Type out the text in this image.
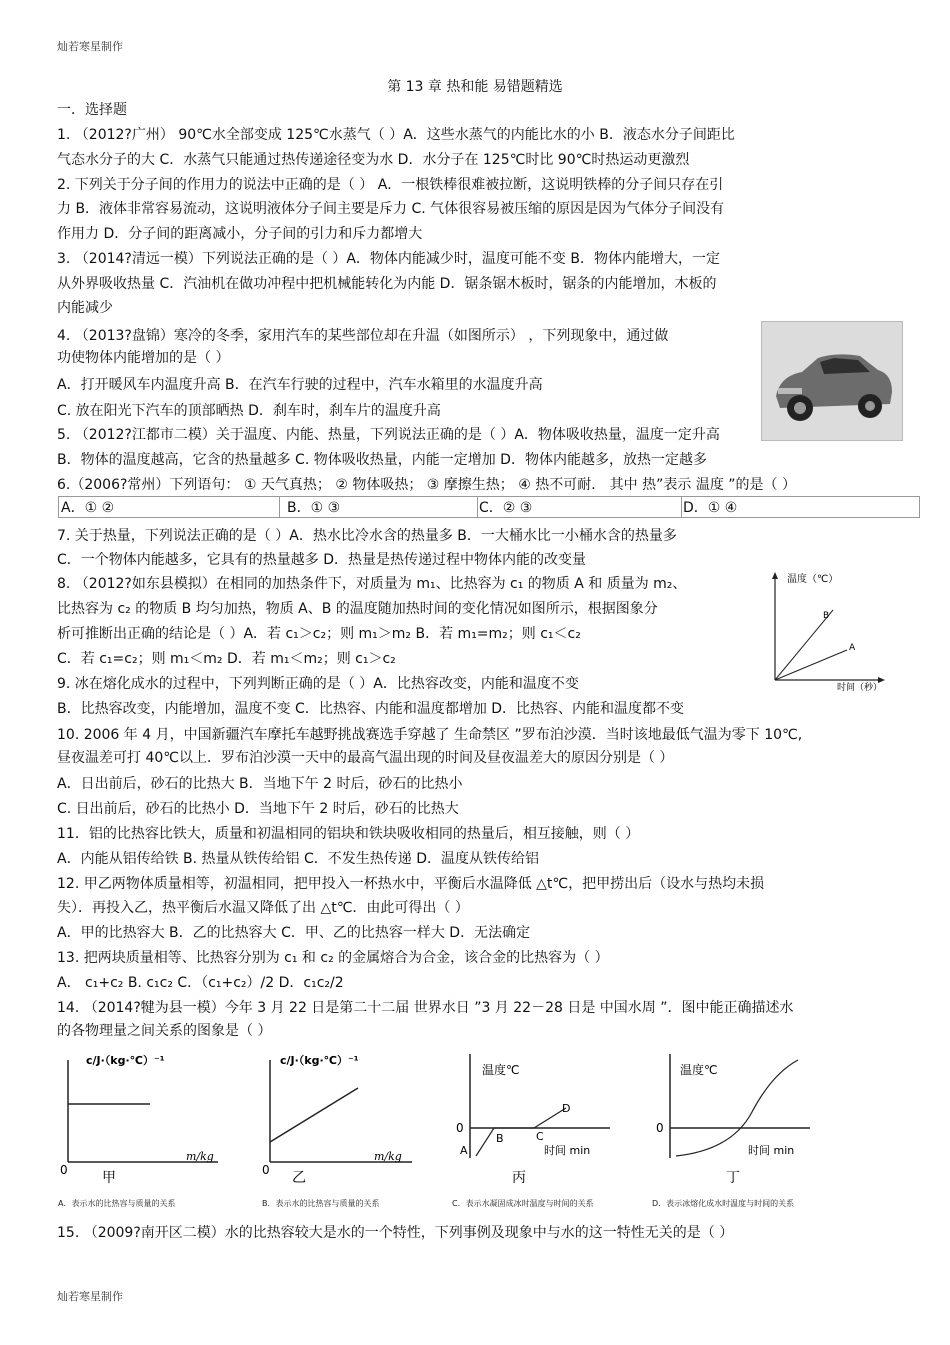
灿若寒星制作
第 13 章 热和能 易错题精选
一．选择题
1. （2012?广州） 90℃水全部变成 125℃水蒸气（ ）A．这些水蒸气的内能比水的小 B．液态水分子间距比
气态水分子的大 C．水蒸气只能通过热传递途径变为水 D．水分子在 125℃时比 90℃时热运动更激烈
2. 下列关于分子间的作用力的说法中正确的是（ ） A．一根铁棒很难被拉断，这说明铁棒的分子间只存在引
力 B．液体非常容易流动，这说明液体分子间主要是斥力 C. 气体很容易被压缩的原因是因为气体分子间没有
作用力 D．分子间的距离减小，分子间的引力和斥力都增大
3. （2014?清远一模）下列说法正确的是（ ）A．物体内能减少时，温度可能不变 B．物体内能增大，一定
从外界吸收热量 C．汽油机在做功冲程中把机械能转化为内能 D．锯条锯木板时，锯条的内能增加，木板的
内能减少
4. （2013?盘锦）寒冷的冬季，家用汽车的某些部位却在升温（如图所示） ，下列现象中，通过做
功使物体内能增加的是（ ）
A．打开暖风车内温度升高 B．在汽车行驶的过程中，汽车水箱里的水温度升高
C. 放在阳光下汽车的顶部晒热 D．刹车时，刹车片的温度升高
5. （2012?江都市二模）关于温度、内能、热量，下列说法正确的是（ ）A．物体吸收热量，温度一定升高
B．物体的温度越高，它含的热量越多 C. 物体吸收热量，内能一定增加 D．物体内能越多，放热一定越多
6.（2006?常州）下列语句： ① 天气真热； ② 物体吸热； ③ 摩擦生热； ④ 热不可耐． 其中 热”表示 温度 ”的是（ ）
A．① ②	B．① ③	C．② ③	D．① ④
7. 关于热量，下列说法正确的是（ ）A．热水比冷水含的热量多 B．一大桶水比一小桶水含的热量多
C．一个物体内能越多，它具有的热量越多 D．热量是热传递过程中物体内能的改变量
8. （2012?如东县模拟）在相同的加热条件下，对质量为 m₁、比热容为 c₁ 的物质 A 和 质量为 m₂、
比热容为 c₂ 的物质 B 均匀加热，物质 A、B 的温度随加热时间的变化情况如图所示，根据图象分
析可推断出正确的结论是（ ）A．若 c₁＞c₂；则 m₁＞m₂ B．若 m₁=m₂；则 c₁＜c₂
C．若 c₁=c₂；则 m₁＜m₂ D．若 m₁＜m₂；则 c₁＞c₂
温度（℃）
时间（秒）
B
A
9. 冰在熔化成水的过程中，下列判断正确的是（ ）A．比热容改变，内能和温度不变
B．比热容改变，内能增加，温度不变 C．比热容、内能和温度都增加 D．比热容、内能和温度都不变
10. 2006 年 4 月，中国新疆汽车摩托车越野挑战赛选手穿越了 生命禁区 ”罗布泊沙漠．当时该地最低气温为零下 10℃,
昼夜温差可打 40℃以上．罗布泊沙漠一天中的最高气温出现的时间及昼夜温差大的原因分别是（ ）
A．日出前后，砂石的比热大 B．当地下午 2 时后，砂石的比热小
C. 日出前后，砂石的比热小 D．当地下午 2 时后，砂石的比热大
11．铝的比热容比铁大，质量和初温相同的铝块和铁块吸收相同的热量后，相互接触，则（ ）
A．内能从铝传给铁 B. 热量从铁传给铝 C．不发生热传递 D．温度从铁传给铝
12. 甲乙两物体质量相等，初温相同，把甲投入一杯热水中，平衡后水温降低 △t℃，把甲捞出后（设水与热均未损
失）．再投入乙，热平衡后水温又降低了出 △t℃．由此可得出（ ）
A．甲的比热容大 B．乙的比热容大 C．甲、乙的比热容一样大 D．无法确定
13. 把两块质量相等、比热容分别为 c₁ 和 c₂ 的金属熔合为合金，该合金的比热容为（ ）
A． c₁+c₂ B. c₁c₂ C．（c₁+c₂）/2 D．c₁c₂/2
14. （2014?犍为县一模）今年 3 月 22 日是第二十二届 世界水日 ”3 月 22－28 日是 中国水周 ”．图中能正确描述水
的各物理量之间关系的图象是（ ）
c/J·（kg·℃）⁻¹
m/kg
0 甲
c/J·（kg·℃）⁻¹
m/kg
0 乙
温度℃
时间 min
0
A
B	C
D
丙
温度℃
时间 min
0
丁
A．表示水的比热容与质量的关系	B．表示水的比热容与质量的关系	C．表示水凝固成冰时温度与时间的关系	D．表示冰熔化成水时温度与时间的关系
15. （2009?南开区二模）水的比热容较大是水的一个特性，下列事例及现象中与水的这一特性无关的是（ ）
灿若寒星制作
